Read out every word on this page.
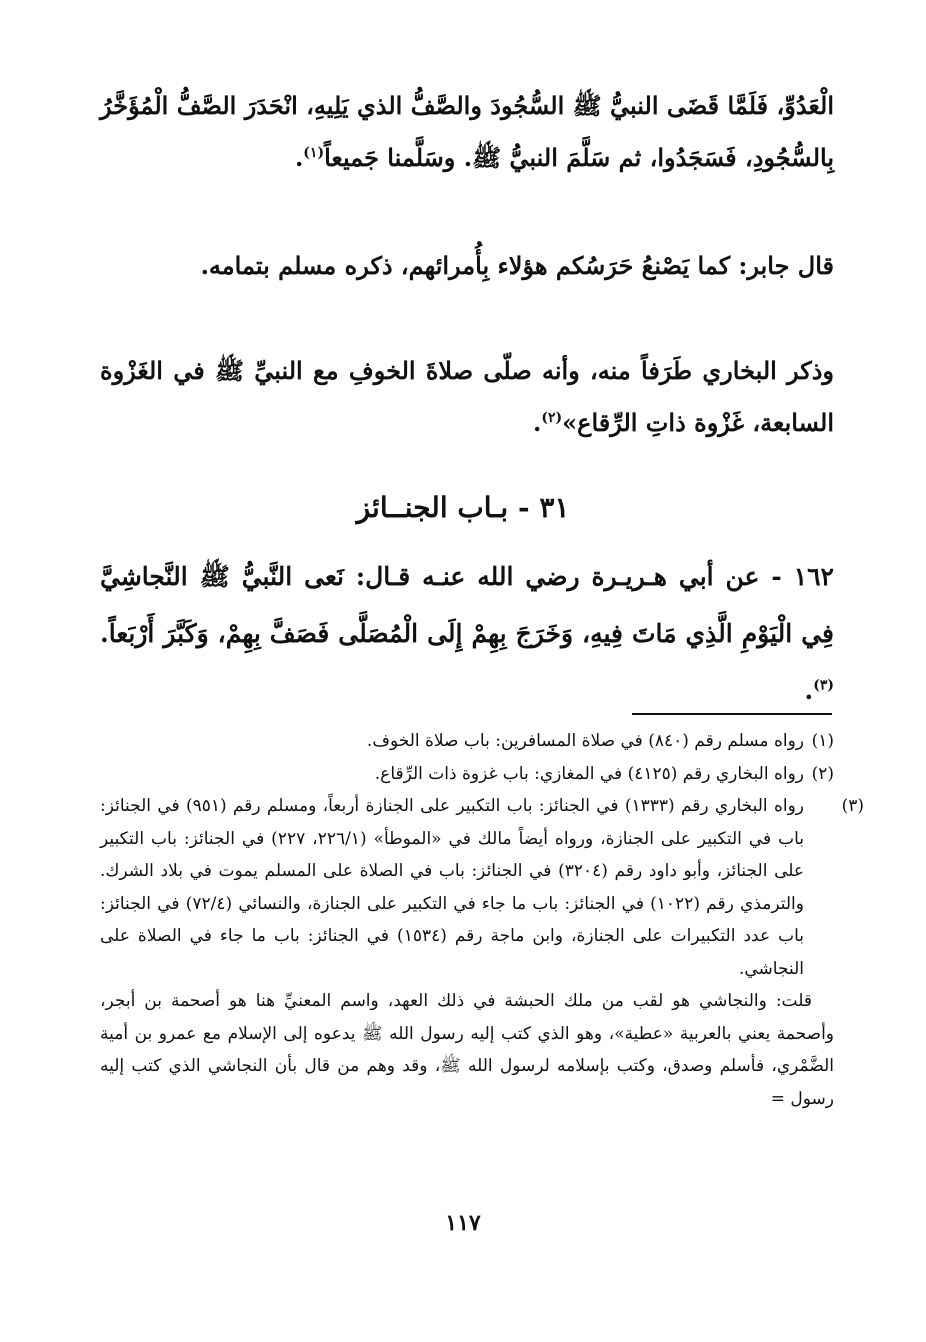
الْعَدُوِّ، فَلَمَّا قَضَى النبيُّ ﷺ السُّجُودَ والصَّفُّ الذي يَلِيهِ، انْحَدَرَ الصَّفُّ الْمُؤَخَّرُ بِالسُّجُودِ، فَسَجَدُوا، ثم سَلَّمَ النبيُّ ﷺ. وسَلَّمنا جَميعاً$^{(١)}$.

قال جابر: كما يَصْنعُ حَرَسُكم هؤلاء بِأُمرائهم، ذكره مسلم بتمامه.

وذكر البخاري طَرَفاً منه، وأنه صلّى صلاةَ الخوفِ مع النبيِّ ﷺ في الغَزْوة السابعة، غَزْوة ذاتِ الرِّقاع»$^{(٢)}$.

٣١ - بـاب الجنــائز

١٦٢ - عن أبي هـريـرة رضي الله عنـه قـال: نَعى النَّبيُّ ﷺ النَّجاشِيَّ فِي الْيَوْمِ الَّذِي مَاتَ فِيهِ، وَخَرَجَ بِهِمْ إِلَى الْمُصَلَّى فَصَفَّ بِهِمْ، وَكَبَّرَ أَرْبَعاً. $^{(٣)}$.

(١)رواه مسلم رقم (٨٤٠) في صلاة المسافرين: باب صلاة الخوف.

(٢)رواه البخاري رقم (٤١٢٥) في المغازي: باب غزوة ذات الرِّقاع.

(٣)رواه البخاري رقم (١٣٣٣) في الجنائز: باب التكبير على الجنازة أربعاً، ومسلم رقم (٩٥١) في الجنائز: باب في التكبير على الجنازة، ورواه أيضاً مالك في «الموطأ» (٢٢٦/١، ٢٢٧) في الجنائز: باب التكبير على الجنائز، وأبو داود رقم (٣٢٠٤) في الجنائز: باب في الصلاة على المسلم يموت في بلاد الشرك. والترمذي رقم (١٠٢٢) في الجنائز: باب ما جاء في التكبير على الجنازة، والنسائي (٧٢/٤) في الجنائز: باب عدد التكبيرات على الجنازة، وابن ماجة رقم (١٥٣٤) في الجنائز: باب ما جاء في الصلاة على النجاشي.

قلت: والنجاشي هو لقب من ملك الحبشة في ذلك العهد، واسم المعنيِّ هنا هو أصحمة بن أبجر، وأصحمة يعني بالعربية «عطية»، وهو الذي كتب إليه رسول الله ﷺ يدعوه إلى الإسلام مع عمرو بن أمية الضَّمْري، فأسلم وصدق، وكتب بإسلامه لرسول الله ﷺ، وقد وهم من قال بأن النجاشي الذي كتب إليه رسول =

١١٧
